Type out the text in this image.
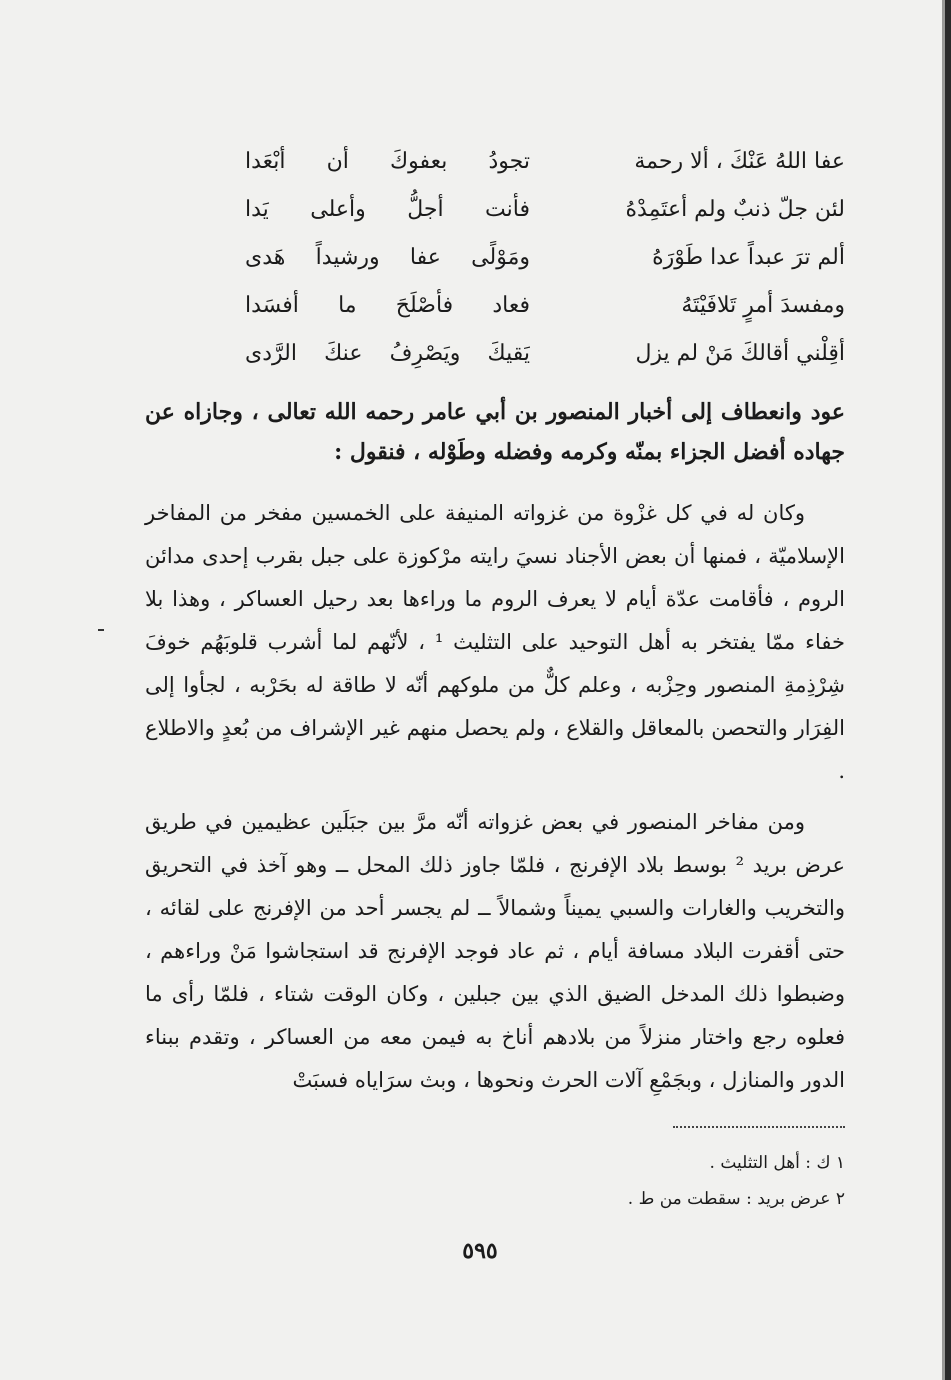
عفا اللهُ عَنْكَ ، ألا رحمة
تجودُ بعفوكَ أن أبْعَدا
لئن جلّ ذنبٌ ولم أعتَمِدْهُ
فأنت أجلُّ وأعلى يَدا
ألم ترَ عبداً عدا طَوْرَهُ
ومَوْلًى عفا ورشيداً هَدى
ومفسدَ أمرٍ تَلافَيْتَهُ
فعاد فأصْلَحَ ما أفسَدا
أقِلْني أقالكَ مَنْ لم يزل
يَقيكَ ويَصْرِفُ عنكَ الرَّدى
عود وانعطاف إلى أخبار المنصور بن أبي عامر رحمه الله تعالى ، وجازاه عن جهاده أفضل الجزاء بمنّه وكرمه وفضله وطَوْله ، فنقول :

وكان له في كل غزْوة من غزواته المنيفة على الخمسين مفخر من المفاخر الإسلاميّة ، فمنها أن بعض الأجناد نسيَ رايته مرْكوزة على جبل بقرب إحدى مدائن الروم ، فأقامت عدّة أيام لا يعرف الروم ما وراءها بعد رحيل العساكر ، وهذا بلا خفاء ممّا يفتخر به أهل التوحيد على التثليث ¹ ، لأنّهم لما أشرب قلوبَهُم خوفَ شِرْذِمةِ المنصور وحِزْبه ، وعلم كلٌّ من ملوكهم أنّه لا طاقة له بحَرْبه ، لجأوا إلى الفِرَار والتحصن بالمعاقل والقلاع ، ولم يحصل منهم غير الإشراف من بُعدٍ والاطلاع .

ومن مفاخر المنصور في بعض غزواته أنّه مرَّ بين جبَلَين عظيمين في طريق عرض بريد ² بوسط بلاد الإفرنج ، فلمّا جاوز ذلك المحل ــ وهو آخذ في التحريق والتخريب والغارات والسبي يميناً وشمالاً ــ لم يجسر أحد من الإفرنج على لقائه ، حتى أقفرت البلاد مسافة أيام ، ثم عاد فوجد الإفرنج قد استجاشوا مَنْ وراءهم ، وضبطوا ذلك المدخل الضيق الذي بين جبلين ، وكان الوقت شتاء ، فلمّا رأى ما فعلوه رجع واختار منزلاً من بلادهم أناخ به فيمن معه من العساكر ، وتقدم ببناء الدور والمنازل ، وبجَمْعِ آلات الحرث ونحوها ، وبث سرَاياه فسبَتْ

١ ك : أهل التثليث .
٢ عرض بريد : سقطت من ط .
٥٩٥
